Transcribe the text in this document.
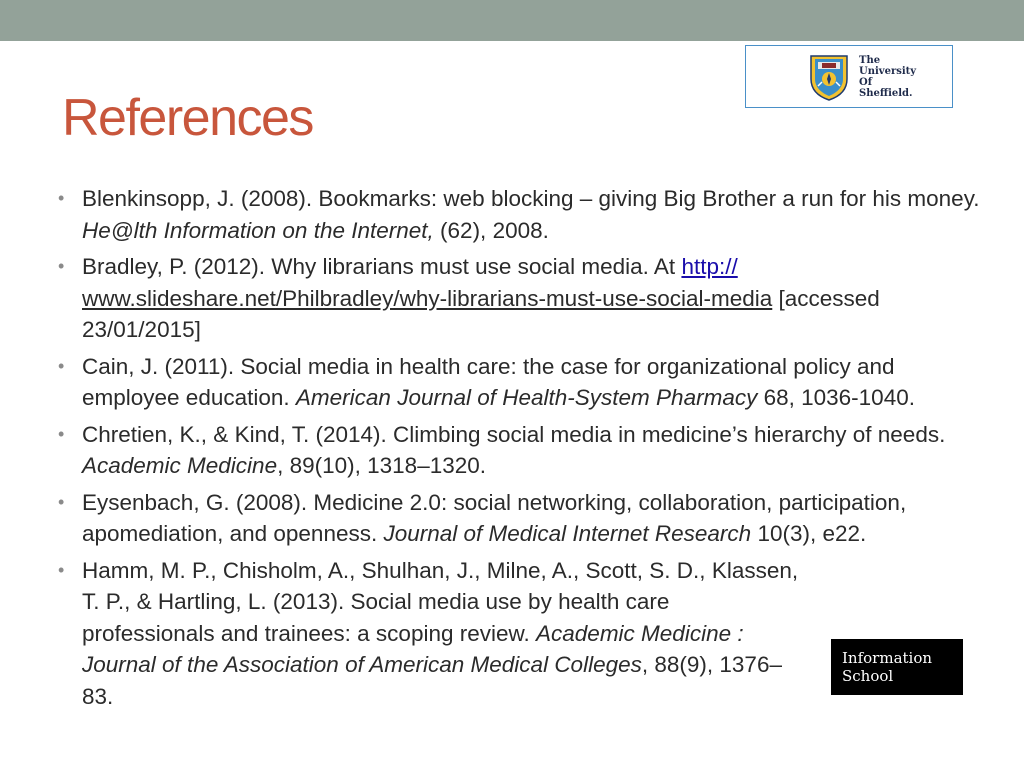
The
University
Of
Sheffield.
References
• Blenkinsopp, J. (2008). Bookmarks: web blocking – giving Big Brother a run for his money. He@lth Information on the Internet, (62), 2008.
• Bradley, P. (2012). Why librarians must use social media. At http://
www.slideshare.net/Philbradley/why-librarians-must-use-social-media [accessed 23/01/2015]
• Cain, J. (2011). Social media in health care: the case for organizational policy and employee education. American Journal of Health-System Pharmacy 68, 1036-1040.
• Chretien, K., & Kind, T. (2014). Climbing social media in medicine’s hierarchy of needs. Academic Medicine, 89(10), 1318–1320.
• Eysenbach, G. (2008). Medicine 2.0: social networking, collaboration, participation, apomediation, and openness. Journal of Medical Internet Research 10(3), e22.
• Hamm, M. P., Chisholm, A., Shulhan, J., Milne, A., Scott, S. D., Klassen, T. P., & Hartling, L. (2013). Social media use by health care professionals and trainees: a scoping review. Academic Medicine : Journal of the Association of American Medical Colleges, 88(9), 1376–83.
Information
School
